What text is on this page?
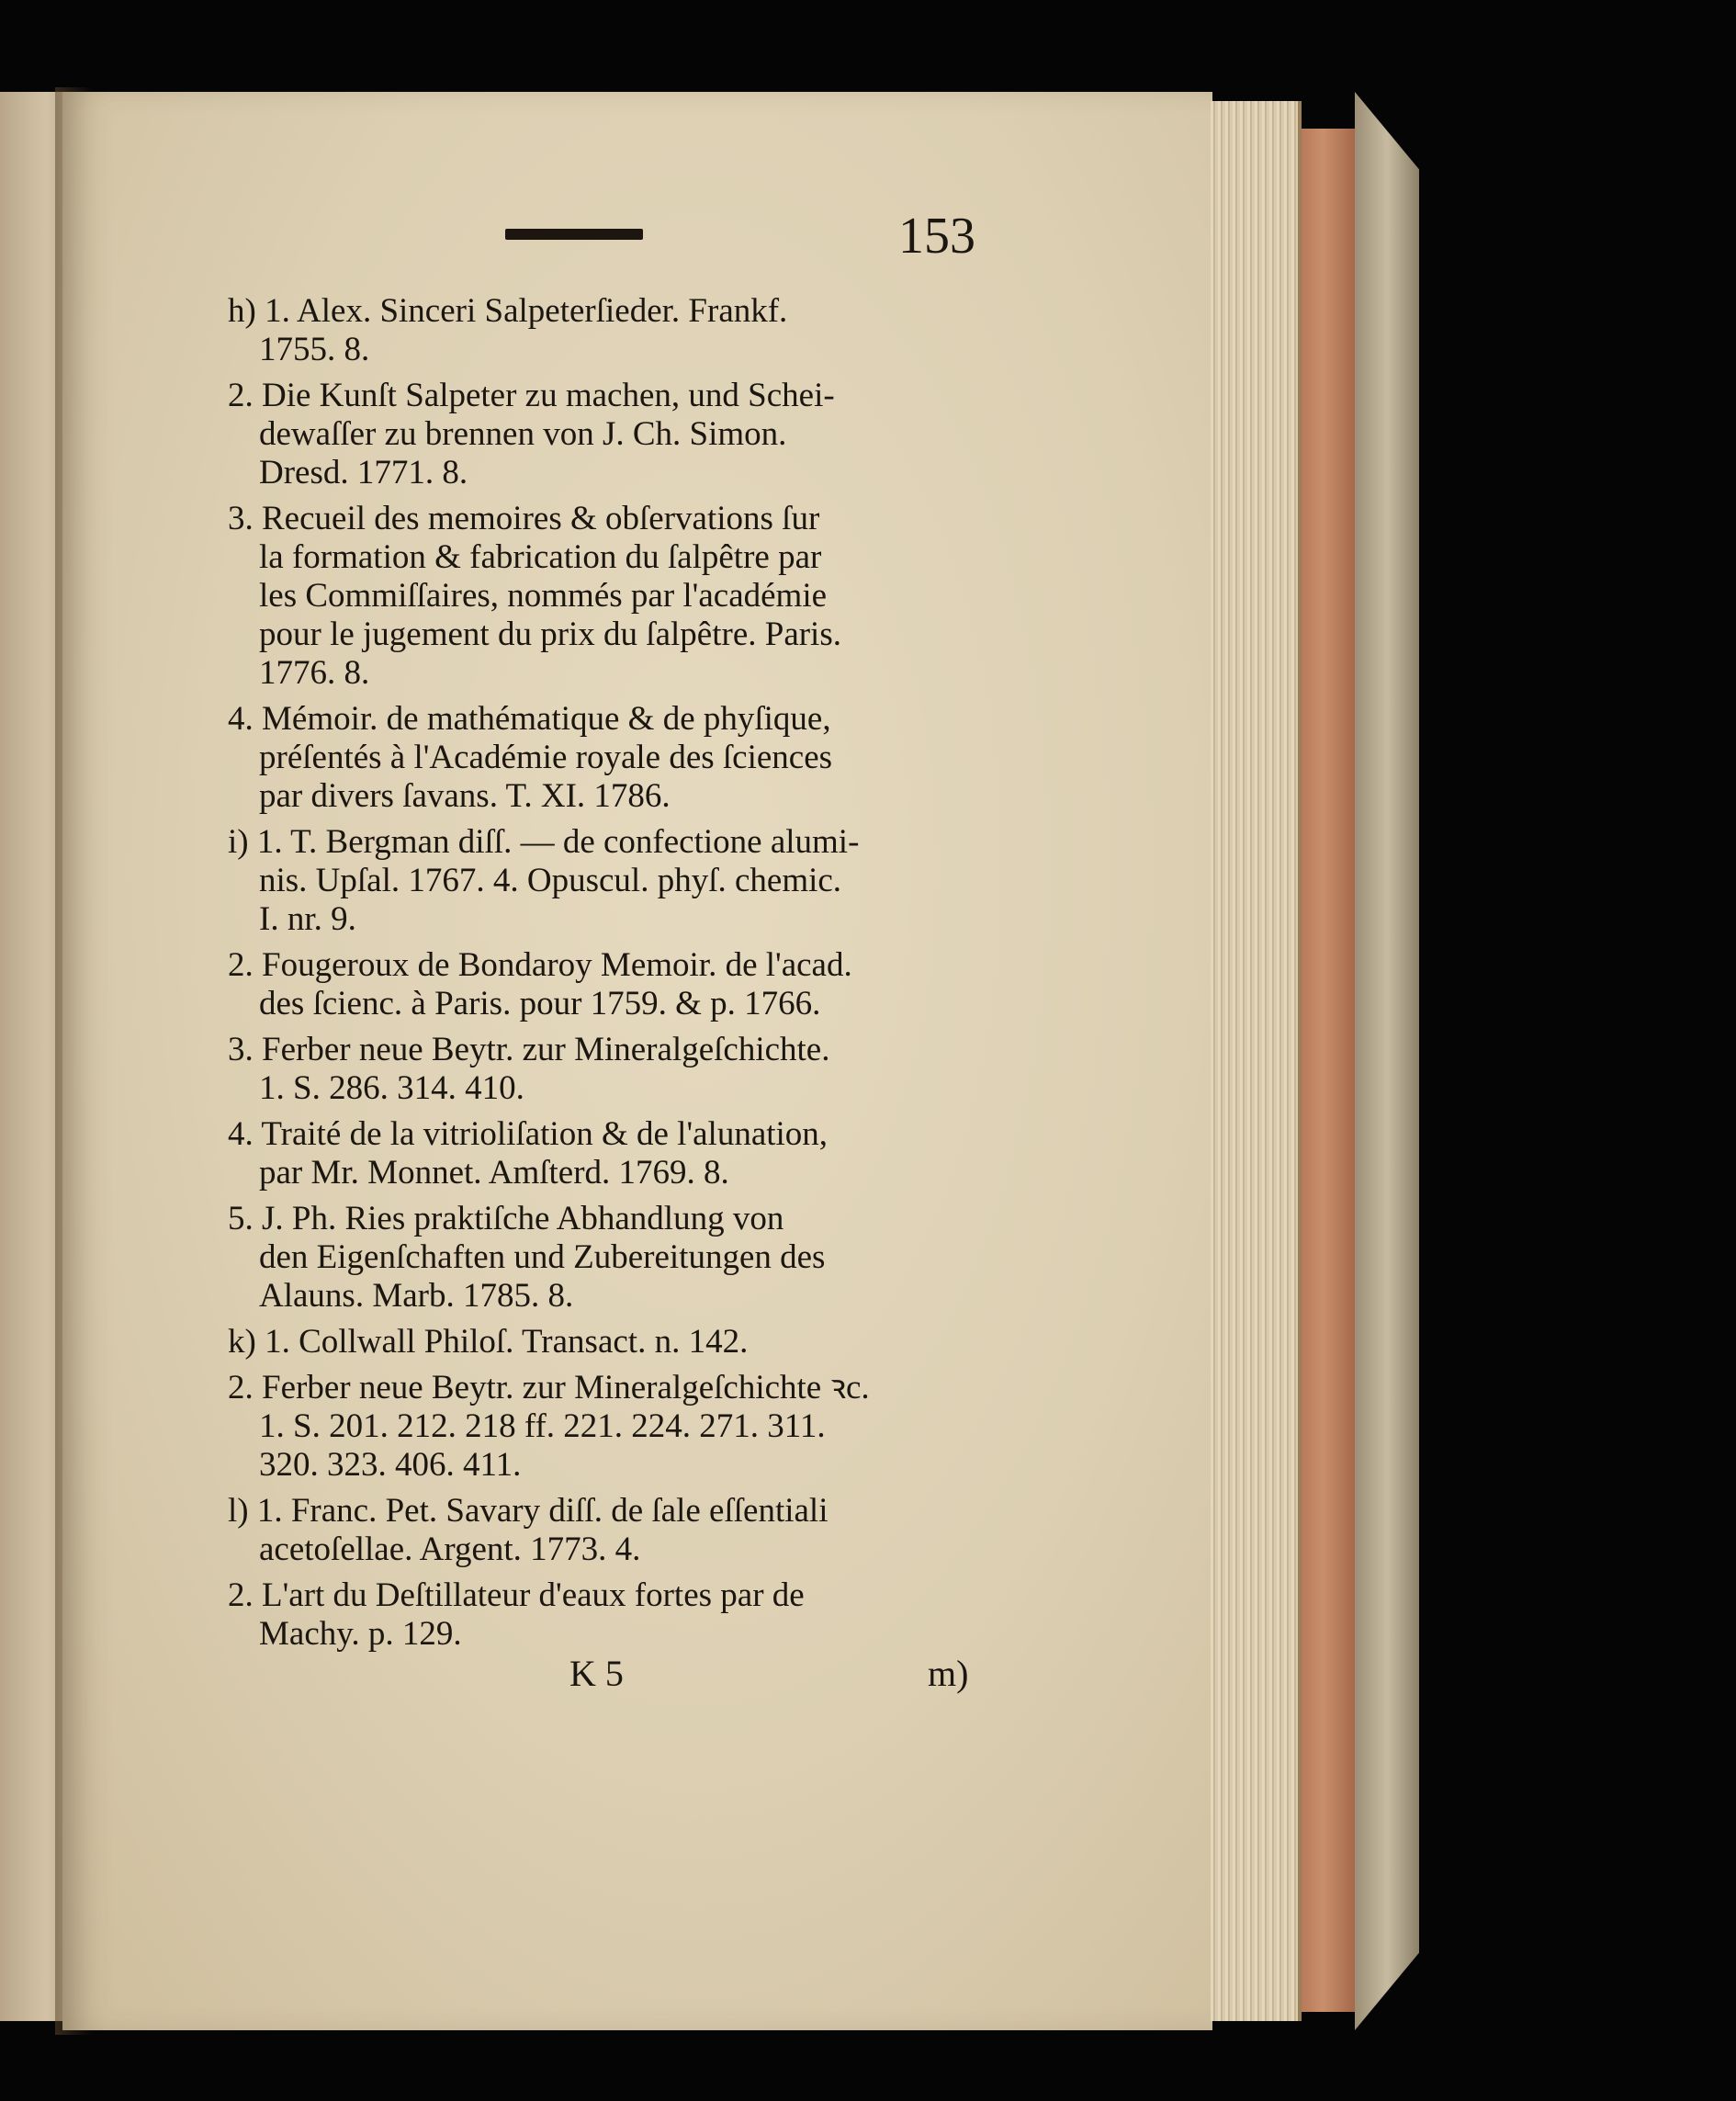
153
h) 1. Alex. Sinceri Salpeterſieder. Frankf.
1755. 8.
2. Die Kunſt Salpeter zu machen, und Schei-
dewaſſer zu brennen von J. Ch. Simon.
Dresd. 1771. 8.
3. Recueil des memoires & obſervations ſur
la formation & fabrication du ſalpêtre par
les Commiſſaires, nommés par l'académie
pour le jugement du prix du ſalpêtre. Paris.
1776. 8.
4. Mémoir. de mathématique & de phyſique,
préſentés à l'Académie royale des ſciences
par divers ſavans. T. XI. 1786.
i) 1. T. Bergman diſſ. — de confectione alumi-
nis. Upſal. 1767. 4. Opuscul. phyſ. chemic.
I. nr. 9.
2. Fougeroux de Bondaroy Memoir. de l'acad.
des ſcienc. à Paris. pour 1759. & p. 1766.
3. Ferber neue Beytr. zur Mineralgeſchichte.
1. S. 286. 314. 410.
4. Traité de la vitrioliſation & de l'alunation,
par Mr. Monnet. Amſterd. 1769. 8.
5. J. Ph. Ries praktiſche Abhandlung von
den Eigenſchaften und Zubereitungen des
Alauns. Marb. 1785. 8.
k) 1. Collwall Philoſ. Transact. n. 142.
2. Ferber neue Beytr. zur Mineralgeſchichte ꝛc.
1. S. 201. 212. 218 ff. 221. 224. 271. 311.
320. 323. 406. 411.
l) 1. Franc. Pet. Savary diſſ. de ſale eſſentiali
acetoſellae. Argent. 1773. 4.
2. L'art du Deſtillateur d'eaux fortes par de
Machy. p. 129.
K 5	m)
